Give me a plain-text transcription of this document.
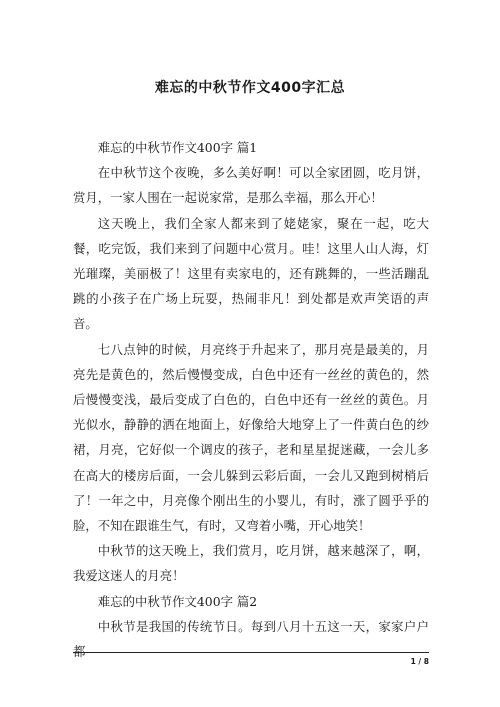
难忘的中秋节作文400字汇总

难忘的中秋节作文400字 篇1

在中秋节这个夜晚，多么美好啊！可以全家团圆，吃月饼，赏月，一家人围在一起说家常，是那么幸福，那么开心！

这天晚上，我们全家人都来到了姥姥家，聚在一起，吃大餐，吃完饭，我们来到了问题中心赏月。哇！这里人山人海，灯光璀璨，美丽极了！这里有卖家电的，还有跳舞的，一些活蹦乱跳的小孩子在广场上玩耍，热闹非凡！到处都是欢声笑语的声音。

七八点钟的时候，月亮终于升起来了，那月亮是最美的，月亮先是黄色的，然后慢慢变成，白色中还有一丝丝的黄色的，然后慢慢变浅，最后变成了白色的，白色中还有一丝丝的黄色。月光似水，静静的洒在地面上，好像给大地穿上了一件黄白色的纱裙，月亮，它好似一个调皮的孩子，老和星星捉迷藏，一会儿多在高大的楼房后面，一会儿躲到云彩后面，一会儿又跑到树梢后了！一年之中，月亮像个刚出生的小婴儿，有时，涨了圆乎乎的脸，不知在跟谁生气，有时，又弯着小嘴，开心地笑！

中秋节的这天晚上，我们赏月，吃月饼，越来越深了，啊，我爱这迷人的月亮！

难忘的中秋节作文400字 篇2

中秋节是我国的传统节日。每到八月十五这一天，家家户户都

1 / 8
